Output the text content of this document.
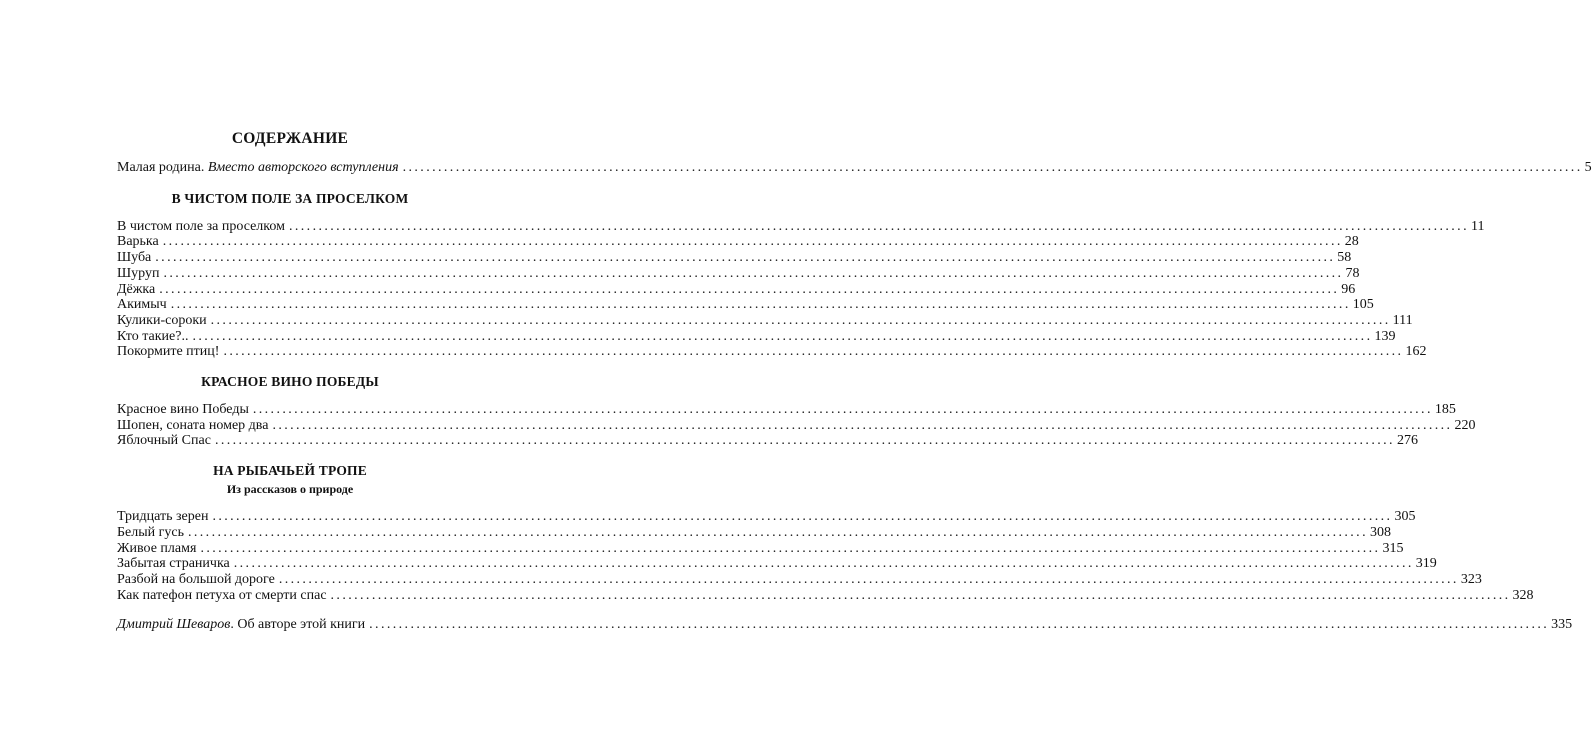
СОДЕРЖАНИЕ
Малая родина. Вместо авторского вступления ........................................................................................................................................................................................................ 5
В ЧИСТОМ ПОЛЕ ЗА ПРОСЕЛКОМ
В чистом поле за проселком ........................................................................................................................................................................................................ 11
Варька ........................................................................................................................................................................................................ 28
Шуба ........................................................................................................................................................................................................ 58
Шуруп ........................................................................................................................................................................................................ 78
Дёжка ........................................................................................................................................................................................................ 96
Акимыч ........................................................................................................................................................................................................ 105
Кулики-сороки ........................................................................................................................................................................................................ 111
Кто такие?.. ........................................................................................................................................................................................................ 139
Покормите птиц! ........................................................................................................................................................................................................ 162
КРАСНОЕ ВИНО ПОБЕДЫ
Красное вино Победы ........................................................................................................................................................................................................ 185
Шопен, соната номер два ........................................................................................................................................................................................................ 220
Яблочный Спас ........................................................................................................................................................................................................ 276
НА РЫБАЧЬЕЙ ТРОПЕ
Из рассказов о природе
Тридцать зерен ........................................................................................................................................................................................................ 305
Белый гусь ........................................................................................................................................................................................................ 308
Живое пламя ........................................................................................................................................................................................................ 315
Забытая страничка ........................................................................................................................................................................................................ 319
Разбой на большой дороге ........................................................................................................................................................................................................ 323
Как патефон петуха от смерти спас ........................................................................................................................................................................................................ 328
Дмитрий Шеваров. Об авторе этой книги ........................................................................................................................................................................................................ 335
